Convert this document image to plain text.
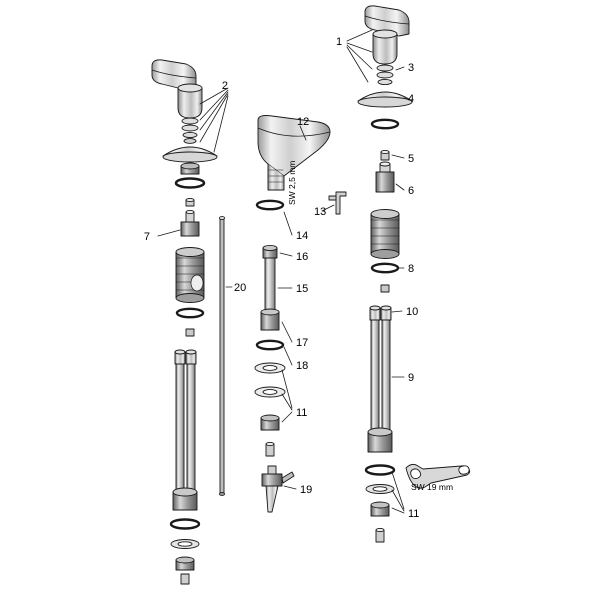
1
2
3
4
5
6
7
8
9
10
11
11
12
13
14
15
16
17
18
19
20
SW 2,5 mm
SW 19 mm
